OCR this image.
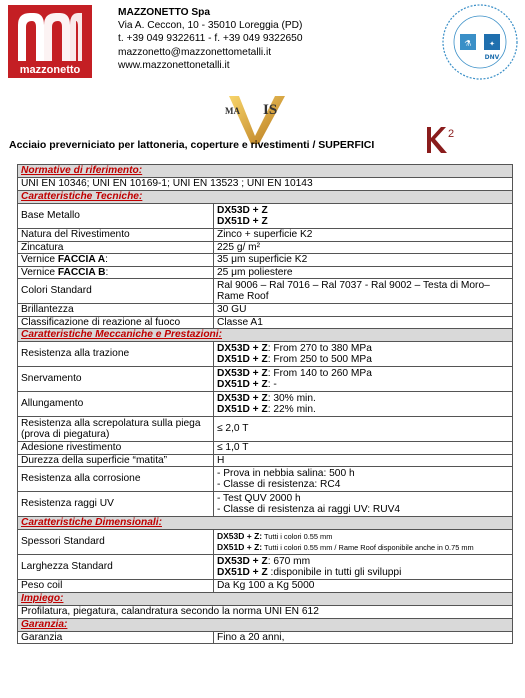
mazzonetto
MAZZONETTO Spa
Via A. Ceccon, 10 - 35010 Loreggia (PD)
t. +39 049 9322611 - f. +39 049 9322650
mazzonetto@mazzonettometalli.it
www.mazzonettonetalli.it
⚗ ✦
DNV
MA IS
2
Acciaio preverniciato per lattoneria, coperture e rivestimenti / SUPERFICI
Normative di riferimento:	
UNI EN 10346; UNI EN 10169-1; UNI EN 13523 ; UNI EN 10143	
Caratteristiche Tecniche:	
Base Metallo	DX53D + Z
DX51D + Z

Natura del Rivestimento	Zinco + superficie K2
Zincatura	225 g/ m²
Vernice FACCIA A:	35 μm superficie K2
Vernice FACCIA B:	25 μm poliestere
Colori Standard	Ral 9006 – Ral 7016 – Ral 7037 - Ral 9002 – Testa di Moro– Rame Roof
Brillantezza	30 GU
Classificazione di reazione al fuoco	Classe A1
Caratteristiche Meccaniche e Prestazioni:	
Resistenza alla trazione	DX53D + Z: From 270 to 380 MPa
DX51D + Z: From 250 to 500 MPa

Snervamento	DX53D + Z: From 140 to 260 MPa
DX51D + Z: -

Allungamento	DX53D + Z: 30% min.
DX51D + Z: 22% min.

Resistenza alla screpolatura sulla piega (prova di piegatura)	≤ 2,0 T
Adesione rivestimento	≤ 1,0 T
Durezza della superficie “matita”	H
Resistenza alla corrosione	- Prova in nebbia salina: 500 h
- Classe di resistenza: RC4

Resistenza raggi UV	- Test QUV 2000 h
- Classe di resistenza ai raggi UV: RUV4

Caratteristiche Dimensionali:	
Spessori Standard	DX53D + Z: Tutti i colori 0.55 mm
DX51D + Z: Tutti i colori 0.55 mm / Rame Roof disponibile anche in 0.75 mm

Larghezza Standard	DX53D + Z: 670 mm
DX51D + Z :disponibile in tutti gli sviluppi

Peso coil	Da Kg 100 a Kg 5000
Impiego:	
Profilatura, piegatura, calandratura secondo la norma UNI EN 612	
Garanzia:	
Garanzia	Fino a 20 anni,
